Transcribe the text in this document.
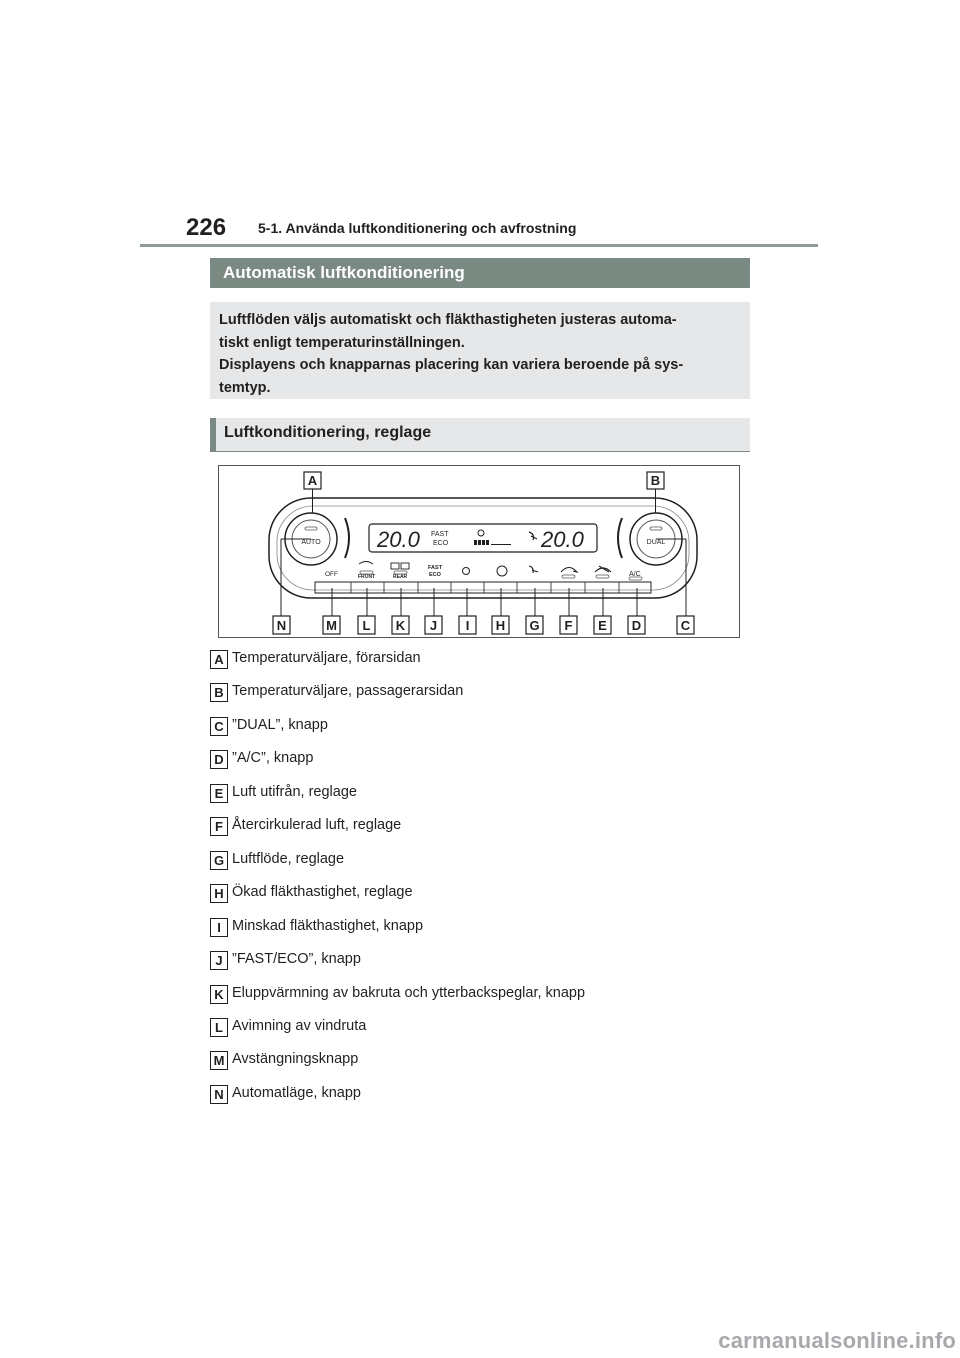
226 5-1. Använda luftkonditionering och avfrostning
Automatisk luftkonditionering

Luftflöden väljs automatiskt och fläkthastigheten justeras automa-

tiskt enligt temperaturinställningen.

Displayens och knapparnas placering kan variera beroende på sys-

temtyp.

Luftkonditionering, reglage
AUTO	DUAL
20.0 FAST
ECO	20.0
OFF	FRONT	REAR
FAST
ECO	A/C
A	B
N	M L K J I H G F E D	C
A Temperaturväljare, förarsidan
B Temperaturväljare, passagerarsidan
C ”DUAL”, knapp
D ”A/C”, knapp
E Luft utifrån, reglage
F Återcirkulerad luft, reglage
G Luftflöde, reglage
H Ökad fläkthastighet, reglage
I Minskad fläkthastighet, knapp
J ”FAST/ECO”, knapp
K Eluppvärmning av bakruta och ytterbackspeglar, knapp
L Avimning av vindruta
M Avstängningsknapp
N Automatläge, knapp
carmanualsonline.info
